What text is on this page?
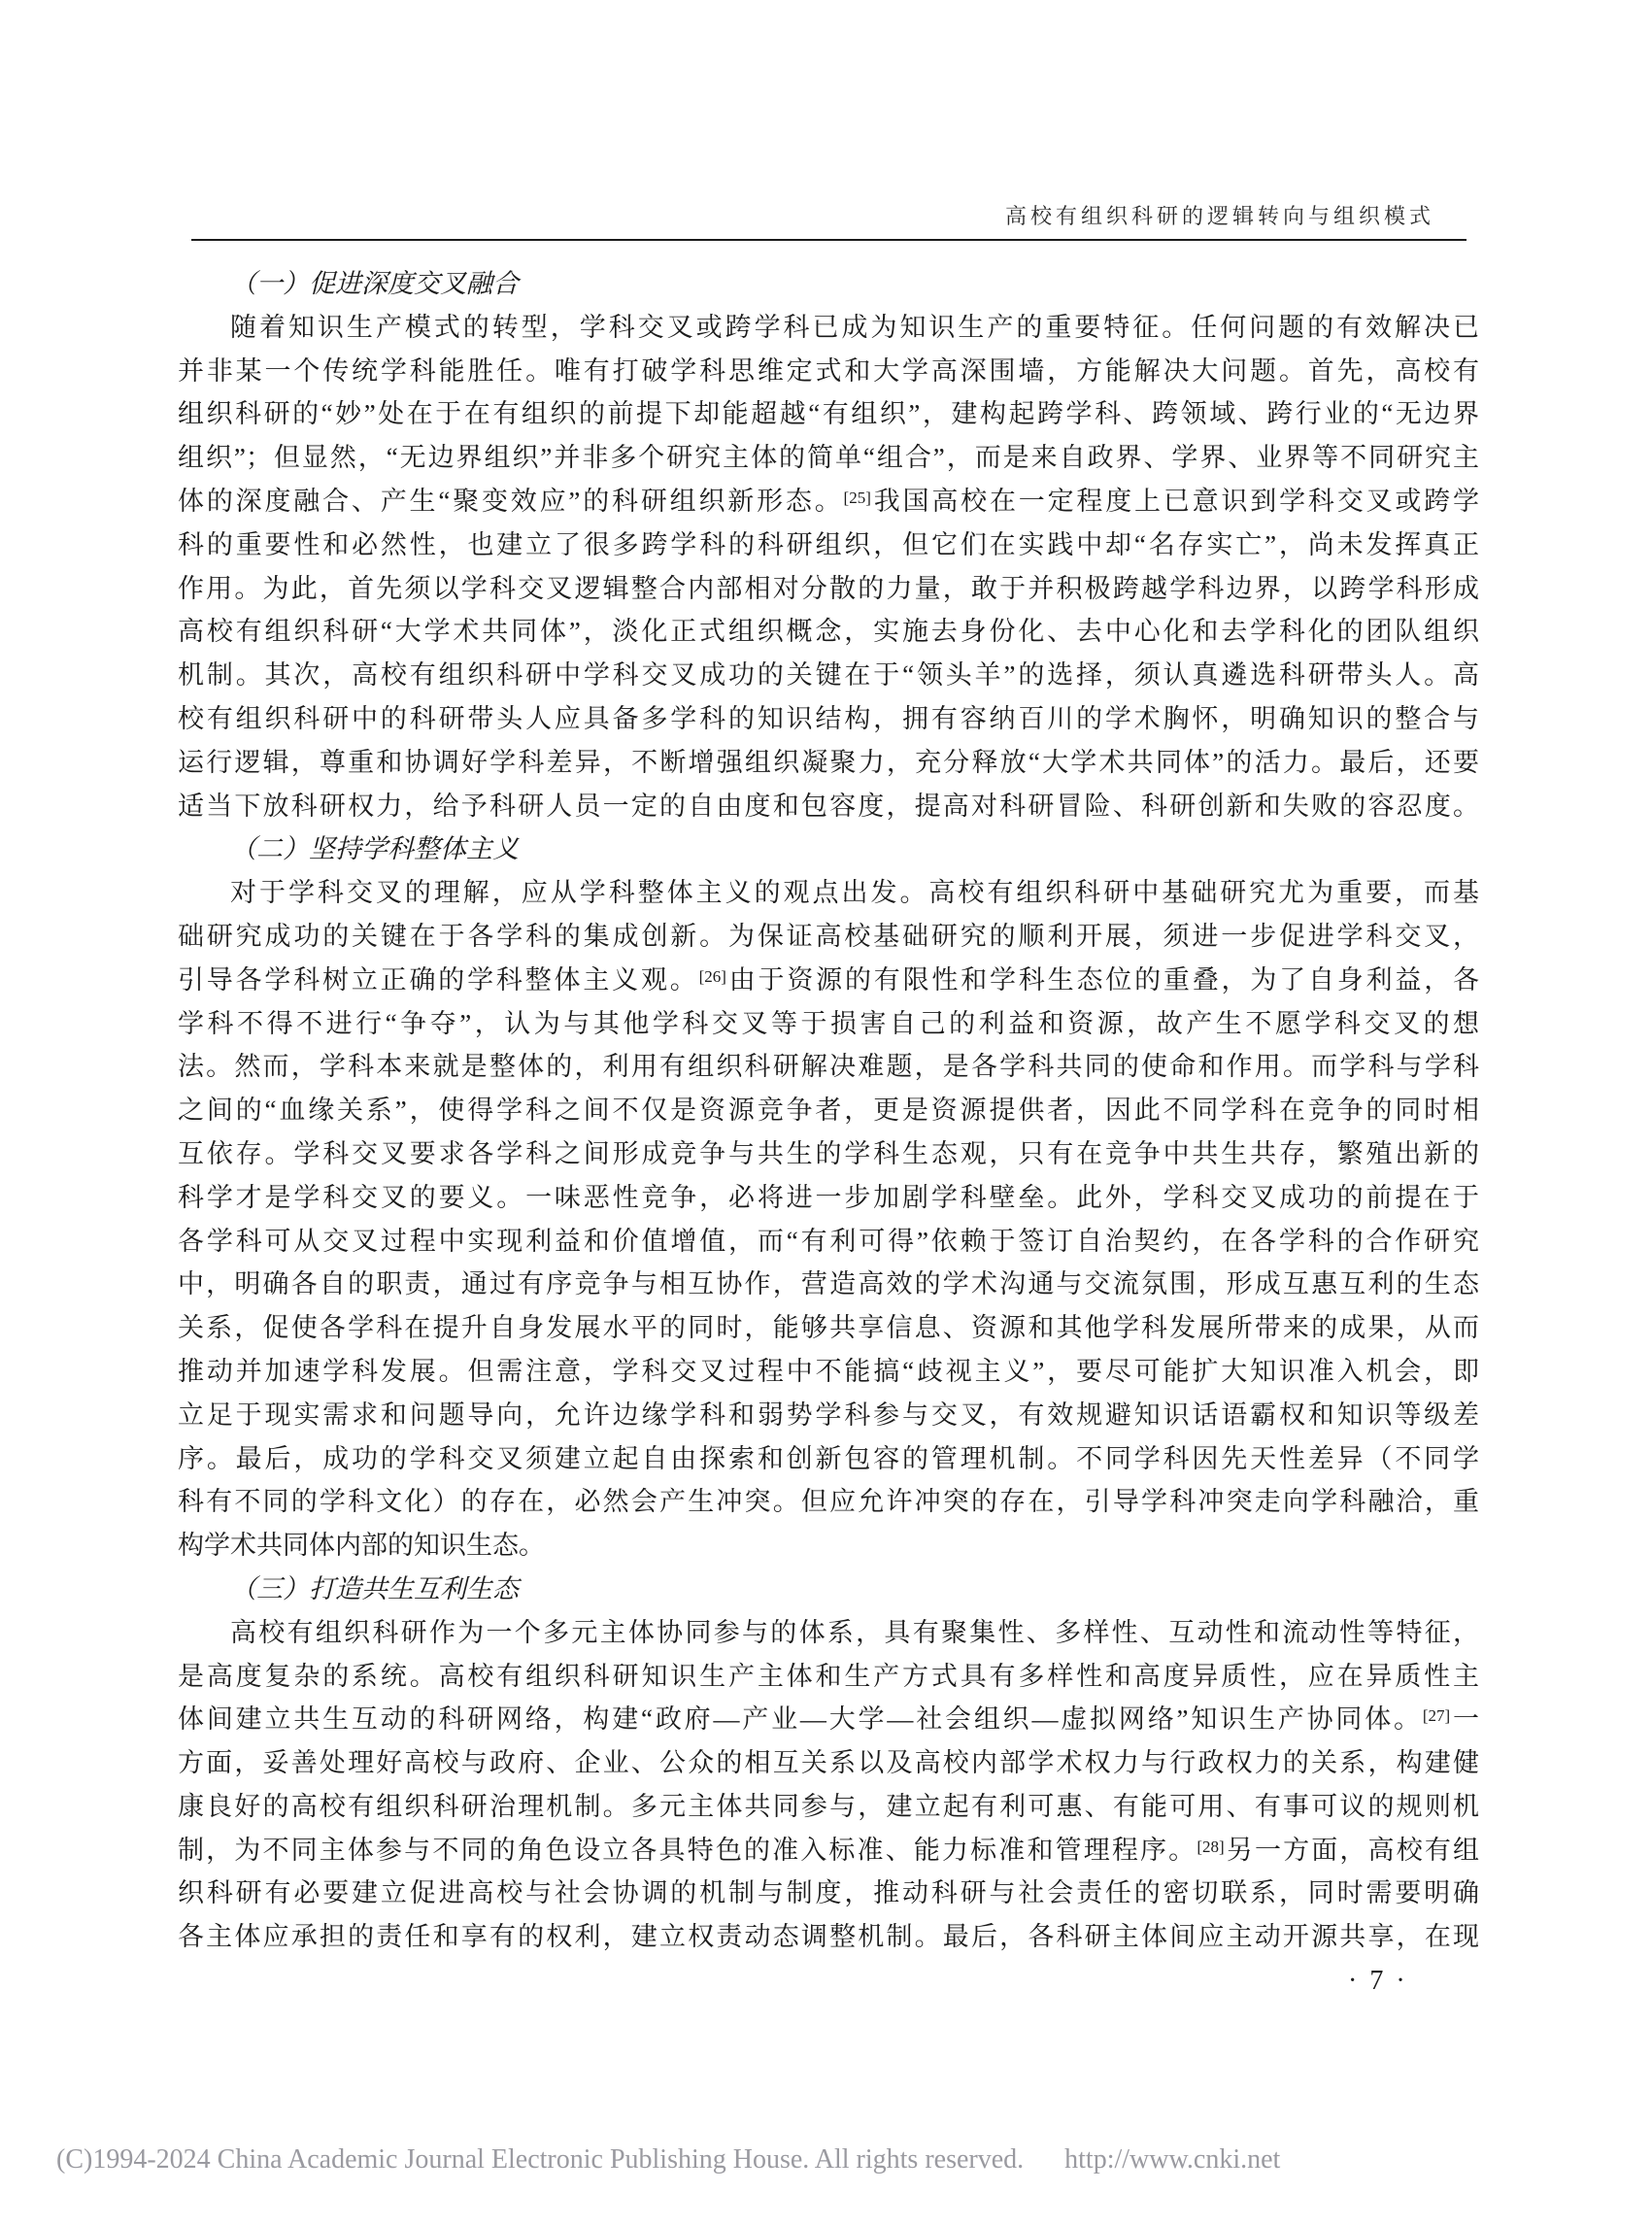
高校有组织科研的逻辑转向与组织模式
（一）促进深度交叉融合
随着知识生产模式的转型，学科交叉或跨学科已成为知识生产的重要特征。任何问题的有效解决已
并非某一个传统学科能胜任。唯有打破学科思维定式和大学高深围墙，方能解决大问题。首先，高校有
组织科研的“妙”处在于在有组织的前提下却能超越“有组织”，建构起跨学科、跨领域、跨行业的“无边界
组织”；但显然，“无边界组织”并非多个研究主体的简单“组合”，而是来自政界、学界、业界等不同研究主
体的深度融合、产生“聚变效应”的科研组织新形态。[25]我国高校在一定程度上已意识到学科交叉或跨学
科的重要性和必然性，也建立了很多跨学科的科研组织，但它们在实践中却“名存实亡”，尚未发挥真正
作用。为此，首先须以学科交叉逻辑整合内部相对分散的力量，敢于并积极跨越学科边界，以跨学科形成
高校有组织科研“大学术共同体”，淡化正式组织概念，实施去身份化、去中心化和去学科化的团队组织
机制。其次，高校有组织科研中学科交叉成功的关键在于“领头羊”的选择，须认真遴选科研带头人。高
校有组织科研中的科研带头人应具备多学科的知识结构，拥有容纳百川的学术胸怀，明确知识的整合与
运行逻辑，尊重和协调好学科差异，不断增强组织凝聚力，充分释放“大学术共同体”的活力。最后，还要
适当下放科研权力，给予科研人员一定的自由度和包容度，提高对科研冒险、科研创新和失败的容忍度。
（二）坚持学科整体主义
对于学科交叉的理解，应从学科整体主义的观点出发。高校有组织科研中基础研究尤为重要，而基
础研究成功的关键在于各学科的集成创新。为保证高校基础研究的顺利开展，须进一步促进学科交叉，
引导各学科树立正确的学科整体主义观。[26]由于资源的有限性和学科生态位的重叠，为了自身利益，各
学科不得不进行“争夺”，认为与其他学科交叉等于损害自己的利益和资源，故产生不愿学科交叉的想
法。然而，学科本来就是整体的，利用有组织科研解决难题，是各学科共同的使命和作用。而学科与学科
之间的“血缘关系”，使得学科之间不仅是资源竞争者，更是资源提供者，因此不同学科在竞争的同时相
互依存。学科交叉要求各学科之间形成竞争与共生的学科生态观，只有在竞争中共生共存，繁殖出新的
科学才是学科交叉的要义。一味恶性竞争，必将进一步加剧学科壁垒。此外，学科交叉成功的前提在于
各学科可从交叉过程中实现利益和价值增值，而“有利可得”依赖于签订自治契约，在各学科的合作研究
中，明确各自的职责，通过有序竞争与相互协作，营造高效的学术沟通与交流氛围，形成互惠互利的生态
关系，促使各学科在提升自身发展水平的同时，能够共享信息、资源和其他学科发展所带来的成果，从而
推动并加速学科发展。但需注意，学科交叉过程中不能搞“歧视主义”，要尽可能扩大知识准入机会，即
立足于现实需求和问题导向，允许边缘学科和弱势学科参与交叉，有效规避知识话语霸权和知识等级差
序。最后，成功的学科交叉须建立起自由探索和创新包容的管理机制。不同学科因先天性差异（不同学
科有不同的学科文化）的存在，必然会产生冲突。但应允许冲突的存在，引导学科冲突走向学科融洽，重
构学术共同体内部的知识生态。
（三）打造共生互利生态
高校有组织科研作为一个多元主体协同参与的体系，具有聚集性、多样性、互动性和流动性等特征，
是高度复杂的系统。高校有组织科研知识生产主体和生产方式具有多样性和高度异质性，应在异质性主
体间建立共生互动的科研网络，构建“政府—产业—大学—社会组织—虚拟网络”知识生产协同体。[27]一
方面，妥善处理好高校与政府、企业、公众的相互关系以及高校内部学术权力与行政权力的关系，构建健
康良好的高校有组织科研治理机制。多元主体共同参与，建立起有利可惠、有能可用、有事可议的规则机
制，为不同主体参与不同的角色设立各具特色的准入标准、能力标准和管理程序。[28]另一方面，高校有组
织科研有必要建立促进高校与社会协调的机制与制度，推动科研与社会责任的密切联系，同时需要明确
各主体应承担的责任和享有的权利，建立权责动态调整机制。最后，各科研主体间应主动开源共享，在现
· 7 ·
(C)1994-2024 China Academic Journal Electronic Publishing House. All rights reserved. http://www.cnki.net
